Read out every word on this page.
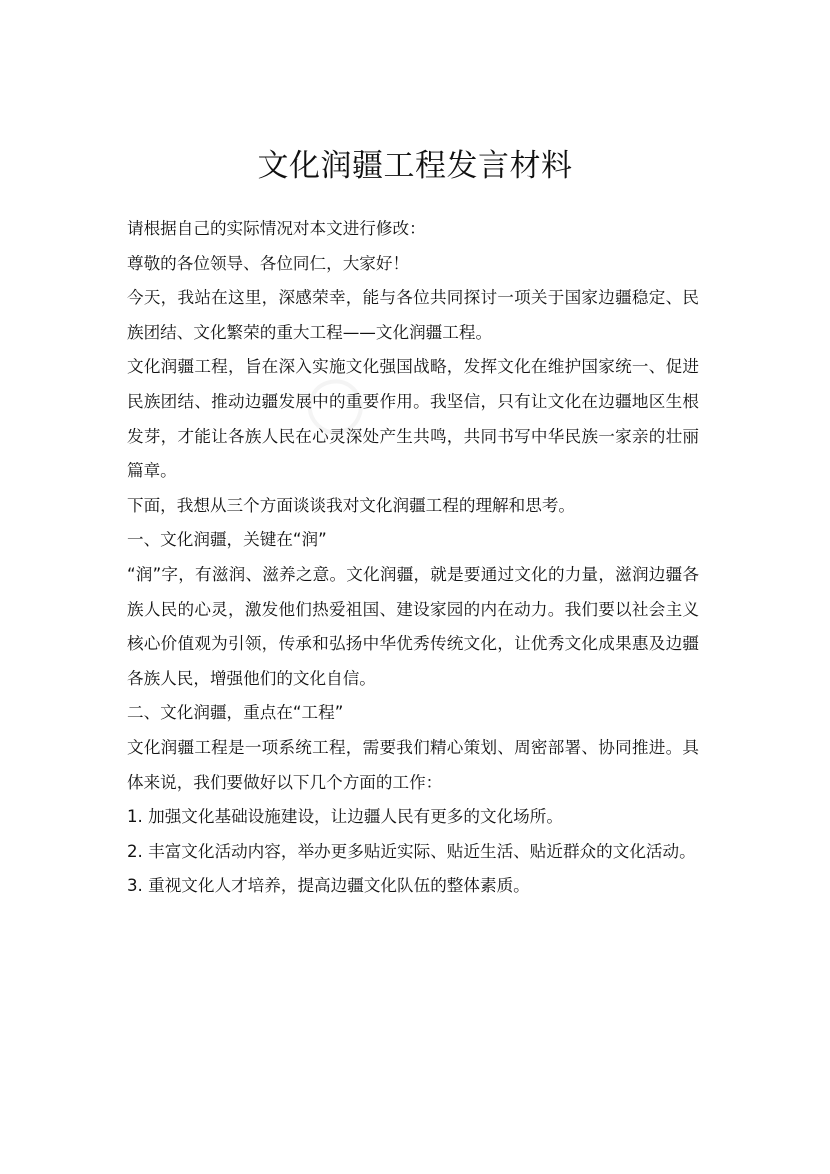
文化润疆工程发言材料

请根据自己的实际情况对本文进行修改：

尊敬的各位领导、各位同仁，大家好！

今天，我站在这里，深感荣幸，能与各位共同探讨一项关于国家边疆稳定、民族团结、文化繁荣的重大工程——文化润疆工程。

文化润疆工程，旨在深入实施文化强国战略，发挥文化在维护国家统一、促进民族团结、推动边疆发展中的重要作用。我坚信，只有让文化在边疆地区生根发芽，才能让各族人民在心灵深处产生共鸣，共同书写中华民族一家亲的壮丽篇章。

下面，我想从三个方面谈谈我对文化润疆工程的理解和思考。

一、文化润疆，关键在“润”

“润”字，有滋润、滋养之意。文化润疆，就是要通过文化的力量，滋润边疆各族人民的心灵，激发他们热爱祖国、建设家园的内在动力。我们要以社会主义核心价值观为引领，传承和弘扬中华优秀传统文化，让优秀文化成果惠及边疆各族人民，增强他们的文化自信。

二、文化润疆，重点在“工程”

文化润疆工程是一项系统工程，需要我们精心策划、周密部署、协同推进。具体来说，我们要做好以下几个方面的工作：

1. 加强文化基础设施建设，让边疆人民有更多的文化场所。

2. 丰富文化活动内容，举办更多贴近实际、贴近生活、贴近群众的文化活动。

3. 重视文化人才培养，提高边疆文化队伍的整体素质。
